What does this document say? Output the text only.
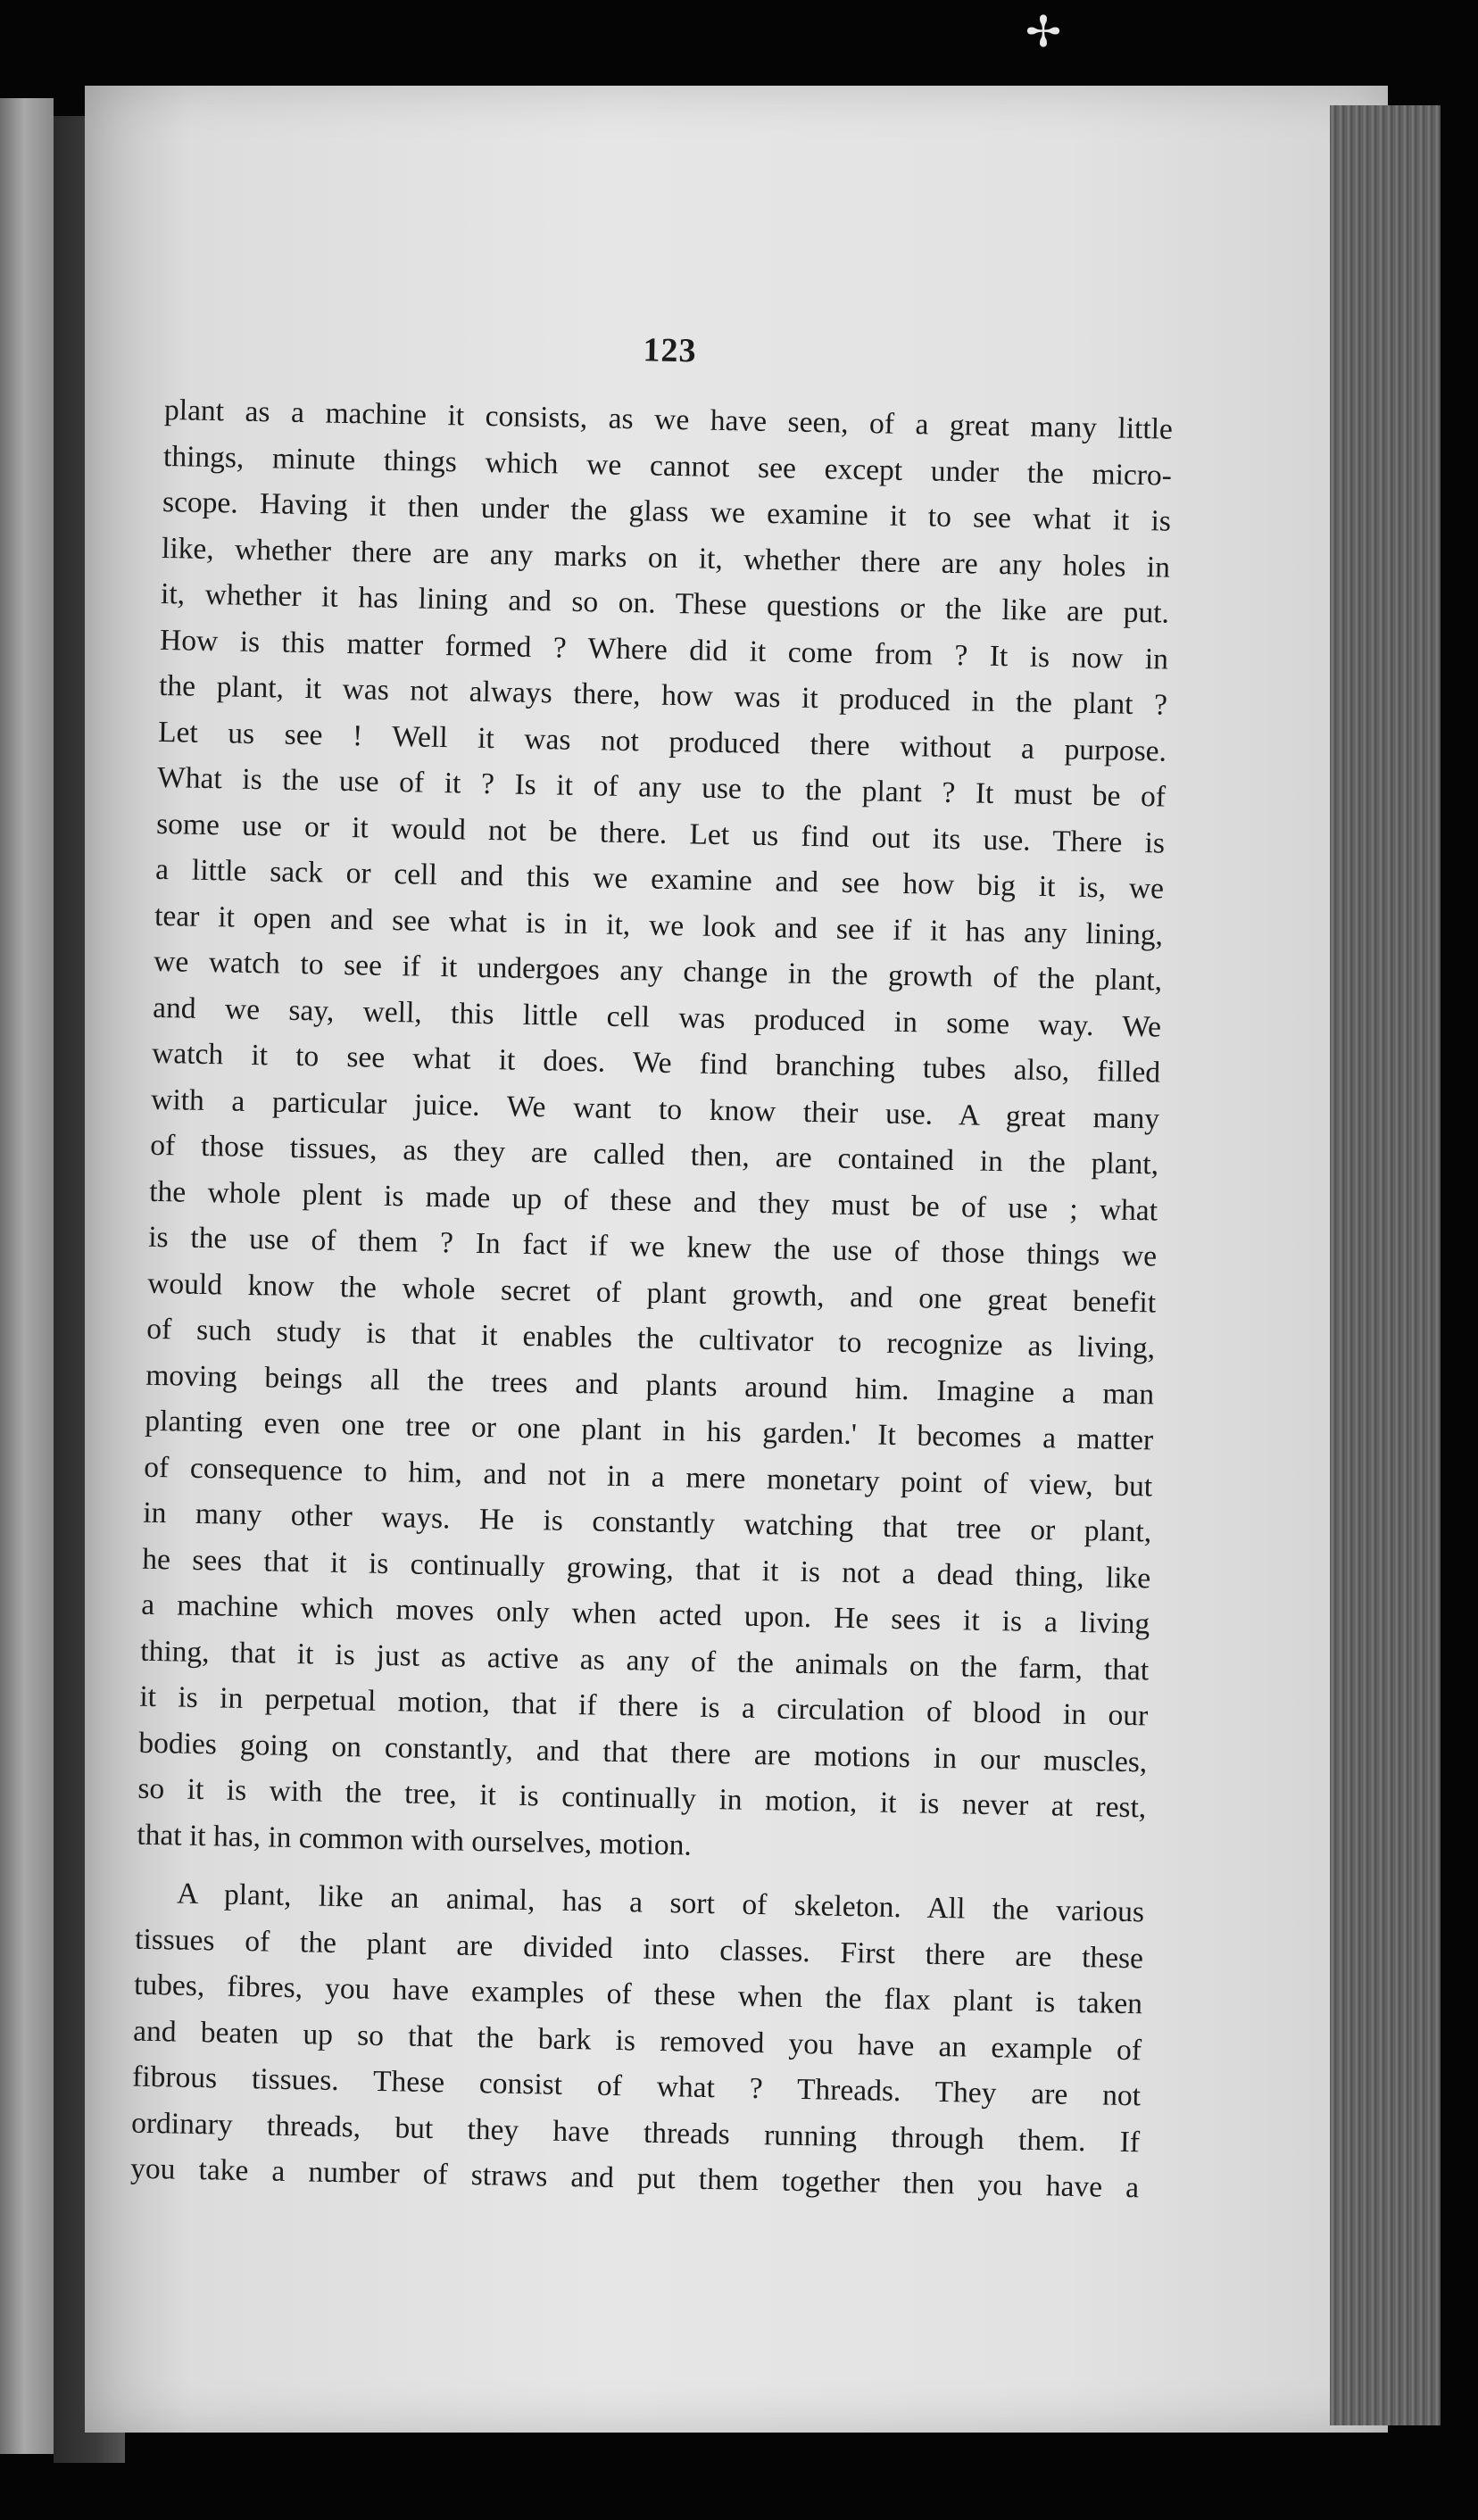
✢
123
plant as a machine it consists, as we have seen, of a great many little
things, minute things which we cannot see except under the micro-
scope. Having it then under the glass we examine it to see what it is
like, whether there are any marks on it, whether there are any holes in
it, whether it has lining and so on. These questions or the like are put.
How is this matter formed ? Where did it come from ? It is now in
the plant, it was not always there, how was it produced in the plant ?
Let us see ! Well it was not produced there without a purpose.
What is the use of it ? Is it of any use to the plant ? It must be of
some use or it would not be there. Let us find out its use. There is
a little sack or cell and this we examine and see how big it is, we
tear it open and see what is in it, we look and see if it has any lining,
we watch to see if it undergoes any change in the growth of the plant,
and we say, well, this little cell was produced in some way. We
watch it to see what it does. We find branching tubes also, filled
with a particular juice. We want to know their use. A great many
of those tissues, as they are called then, are contained in the plant,
the whole plent is made up of these and they must be of use ; what
is the use of them ? In fact if we knew the use of those things we
would know the whole secret of plant growth, and one great benefit
of such study is that it enables the cultivator to recognize as living,
moving beings all the trees and plants around him. Imagine a man
planting even one tree or one plant in his garden.' It becomes a matter
of consequence to him, and not in a mere monetary point of view, but
in many other ways. He is constantly watching that tree or plant,
he sees that it is continually growing, that it is not a dead thing, like
a machine which moves only when acted upon. He sees it is a living
thing, that it is just as active as any of the animals on the farm, that
it is in perpetual motion, that if there is a circulation of blood in our
bodies going on constantly, and that there are motions in our muscles,
so it is with the tree, it is continually in motion, it is never at rest,
that it has, in common with ourselves, motion.
A plant, like an animal, has a sort of skeleton. All the various
tissues of the plant are divided into classes. First there are these
tubes, fibres, you have examples of these when the flax plant is taken
and beaten up so that the bark is removed you have an example of
fibrous tissues. These consist of what ? Threads. They are not
ordinary threads, but they have threads running through them. If
you take a number of straws and put them together then you have a
